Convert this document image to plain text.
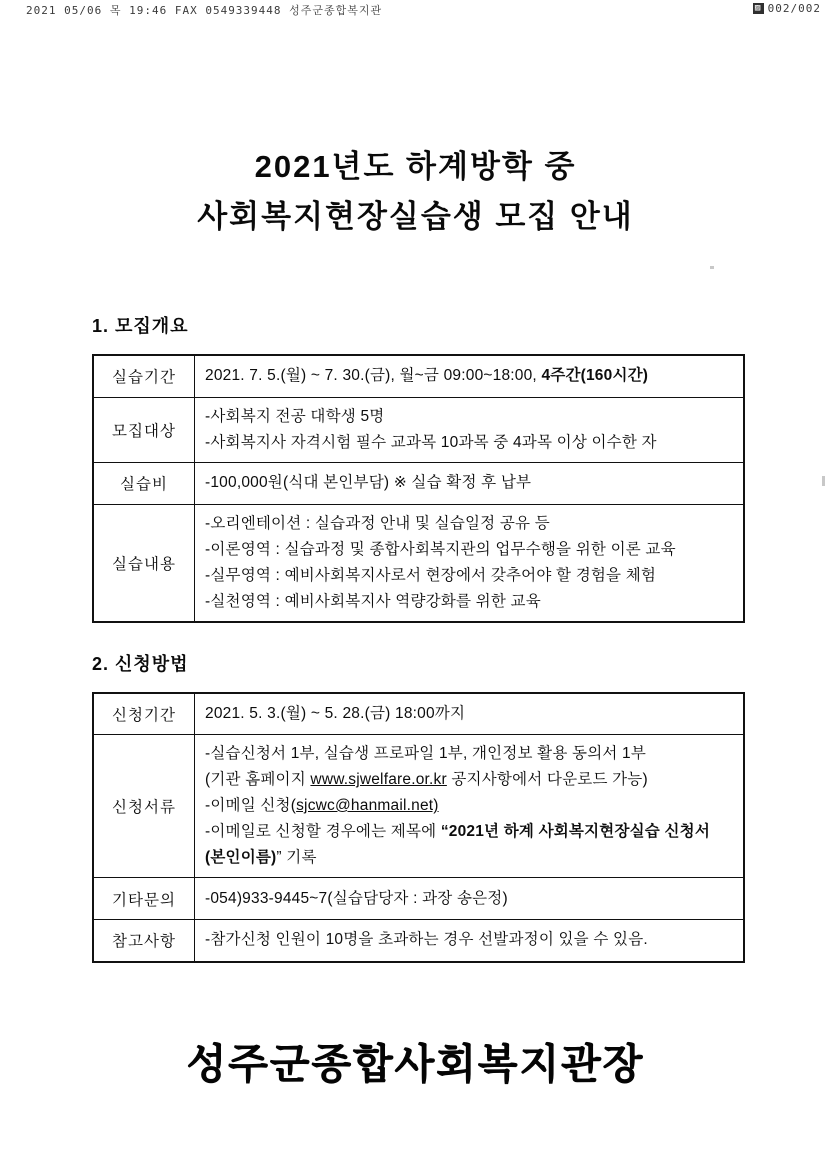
2021 05/06 목 19:46 FAX 0549339448 성주군종합복지관	▨ 002/002
2021년도 하계방학 중
사회복지현장실습생 모집 안내
1. 모집개요
실습기간	2021. 7. 5.(월) ~ 7. 30.(금), 월~금 09:00~18:00, 4주간(160시간)

모집대상	-사회복지 전공 대학생 5명
-사회복지사 자격시험 필수 교과목 10과목 중 4과목 이상 이수한 자

실습비	-100,000원(식대 본인부담) ※ 실습 확정 후 납부

실습내용	-오리엔테이션 : 실습과정 안내 및 실습일정 공유 등
-이론영역 : 실습과정 및 종합사회복지관의 업무수행을 위한 이론 교육
-실무영역 : 예비사회복지사로서 현장에서 갖추어야 할 경험을 체험
-실천영역 : 예비사회복지사 역량강화를 위한 교육
2. 신청방법
신청기간	2021. 5. 3.(월) ~ 5. 28.(금) 18:00까지

신청서류	-실습신청서 1부, 실습생 프로파일 1부, 개인정보 활용 동의서 1부
(기관 홈페이지 www.sjwelfare.or.kr 공지사항에서 다운로드 가능)
-이메일 신청(sjcwc@hanmail.net)
-이메일로 신청할 경우에는 제목에 “2021년 하계 사회복지현장실습 신청서
(본인이름)” 기록

기타문의	-054)933-9445~7(실습담당자 : 과장 송은정)

참고사항	-참가신청 인원이 10명을 초과하는 경우 선발과정이 있을 수 있음.
성주군종합사회복지관장
